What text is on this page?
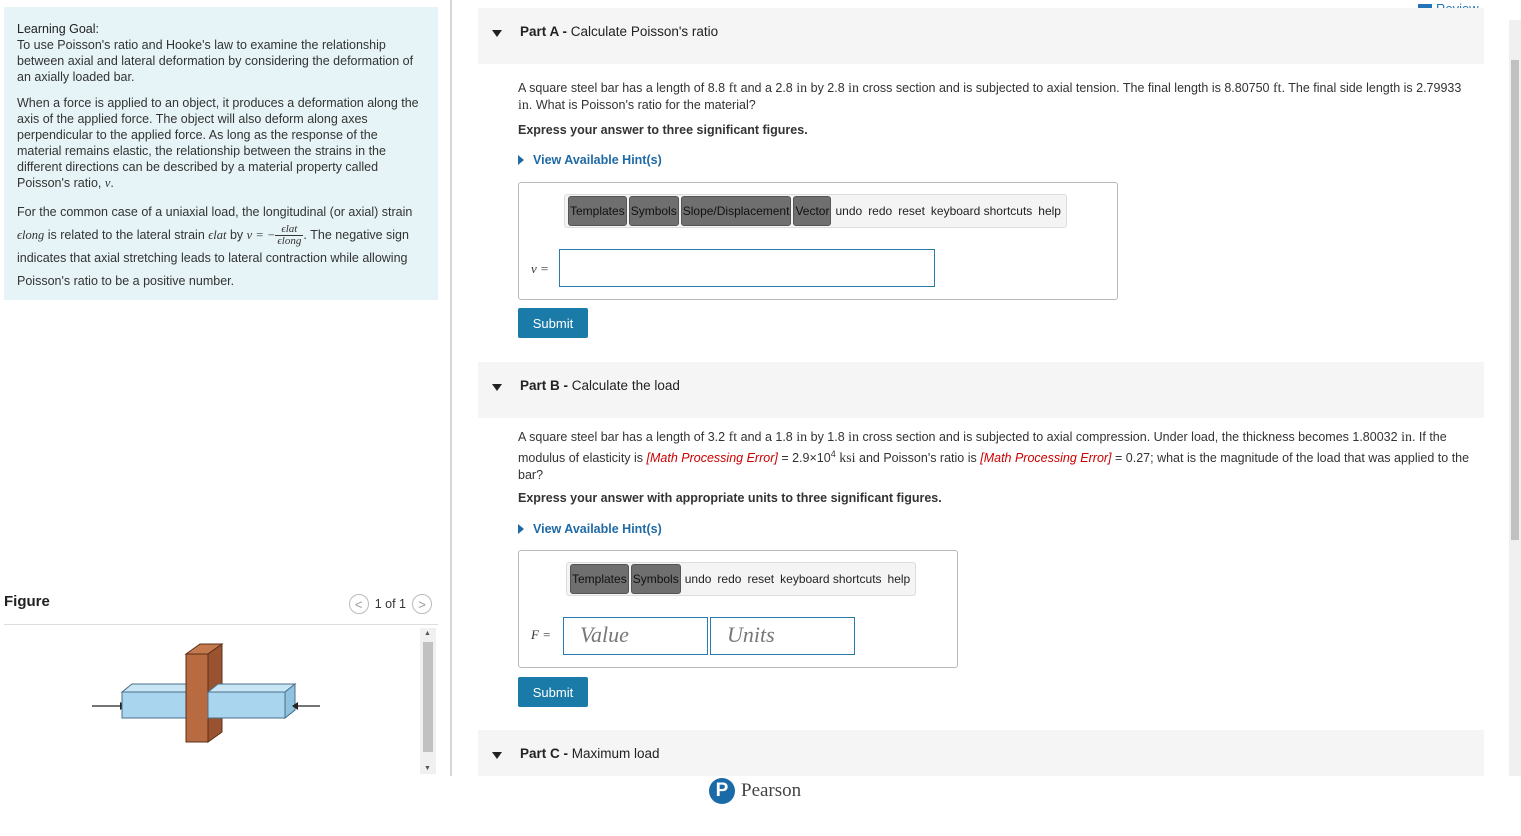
Learning Goal:
To use Poisson's ratio and Hooke's law to examine the relationship between axial and lateral deformation by considering the deformation of an axially loaded bar.

When a force is applied to an object, it produces a deformation along the axis of the applied force. The object will also deform along axes perpendicular to the applied force. As long as the response of the material remains elastic, the relationship between the strains in the different directions can be described by a material property called Poisson's ratio, ν.

For the common case of a uniaxial load, the longitudinal (or axial) strain ϵlong is related to the lateral strain ϵlat by ν = − $\frac{\text{ϵlat}}{\text{ϵlong}}$ . The negative sign indicates that axial stretching leads to lateral contraction while allowing Poisson's ratio to be a positive number.

Figure	< 1 of 1 >
▲
▼
Part A - Calculate Poisson's ratio
A square steel bar has a length of 8.8 ft and a 2.8 in by 2.8 in cross section and is subjected to axial tension. The final length is 8.80750 ft. The final side length is 2.79933 in. What is Poisson's ratio for the material?
Express your answer to three significant figures.
View Available Hint(s)
Templates Symbols Slope/Displacement Vector undo redo reset keyboard shortcuts help
ν =
Submit
Part B - Calculate the load
A square steel bar has a length of 3.2 ft and a 1.8 in by 1.8 in cross section and is subjected to axial compression. Under load, the thickness becomes 1.80032 in. If the modulus of elasticity is [Math Processing Error] = $2.9\times 10^4$ ksi and Poisson's ratio is [Math Processing Error] = 0.27; what is the magnitude of the load that was applied to the bar?
Express your answer with appropriate units to three significant figures.
View Available Hint(s)
Templates Symbols undo redo reset keyboard shortcuts help
F = Value	Units
Submit
Part C - Maximum load
P Pearson
